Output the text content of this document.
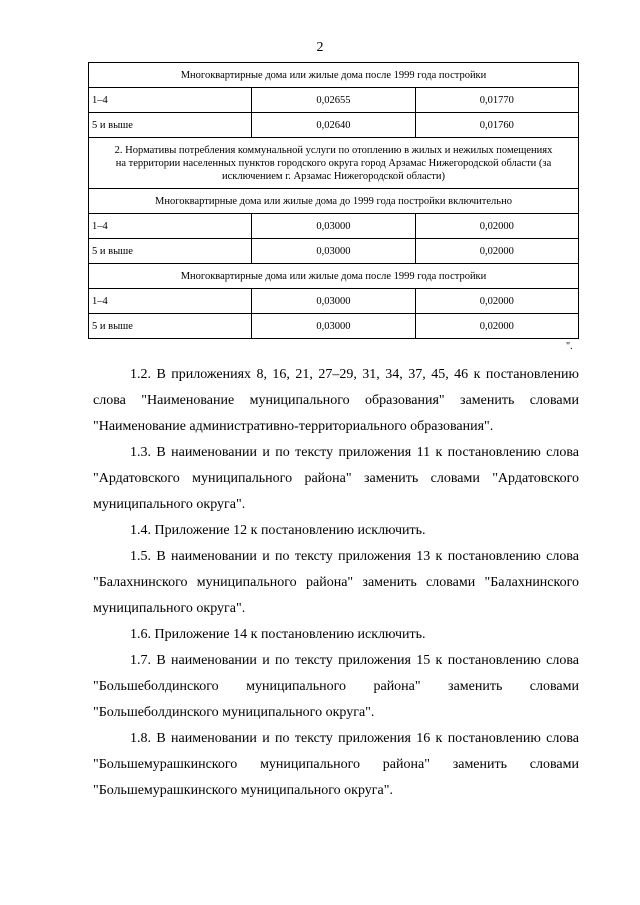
2
Многоквартирные дома или жилые дома после 1999 года постройки		
1–4	0,02655	0,01770
5 и выше	0,02640	0,01760
2. Нормативы потребления коммунальной услуги по отоплению в жилых и нежилых помещениях на территории населенных пунктов городского округа город Арзамас Нижегородской области (за исключением г. Арзамас Нижегородской области)		
Многоквартирные дома или жилые дома до 1999 года постройки включительно		
1–4	0,03000	0,02000
5 и выше	0,03000	0,02000
Многоквартирные дома или жилые дома после 1999 года постройки		
1–4	0,03000	0,02000
5 и выше	0,03000	0,02000
".

1.2. В приложениях 8, 16, 21, 27–29, 31, 34, 37, 45, 46 к постановлению слова "Наименование муниципального образования" заменить словами "Наименование административно-территориального образования".

1.3. В наименовании и по тексту приложения 11 к постановлению слова "Ардатовского муниципального района" заменить словами "Ардатовского муниципального округа".

1.4. Приложение 12 к постановлению исключить.

1.5. В наименовании и по тексту приложения 13 к постановлению слова "Балахнинского муниципального района" заменить словами "Балахнинского муниципального округа".

1.6. Приложение 14 к постановлению исключить.

1.7. В наименовании и по тексту приложения 15 к постановлению слова "Большеболдинского муниципального района" заменить словами "Большеболдинского муниципального округа".

1.8. В наименовании и по тексту приложения 16 к постановлению слова "Большемурашкинского муниципального района" заменить словами "Большемурашкинского муниципального округа".
